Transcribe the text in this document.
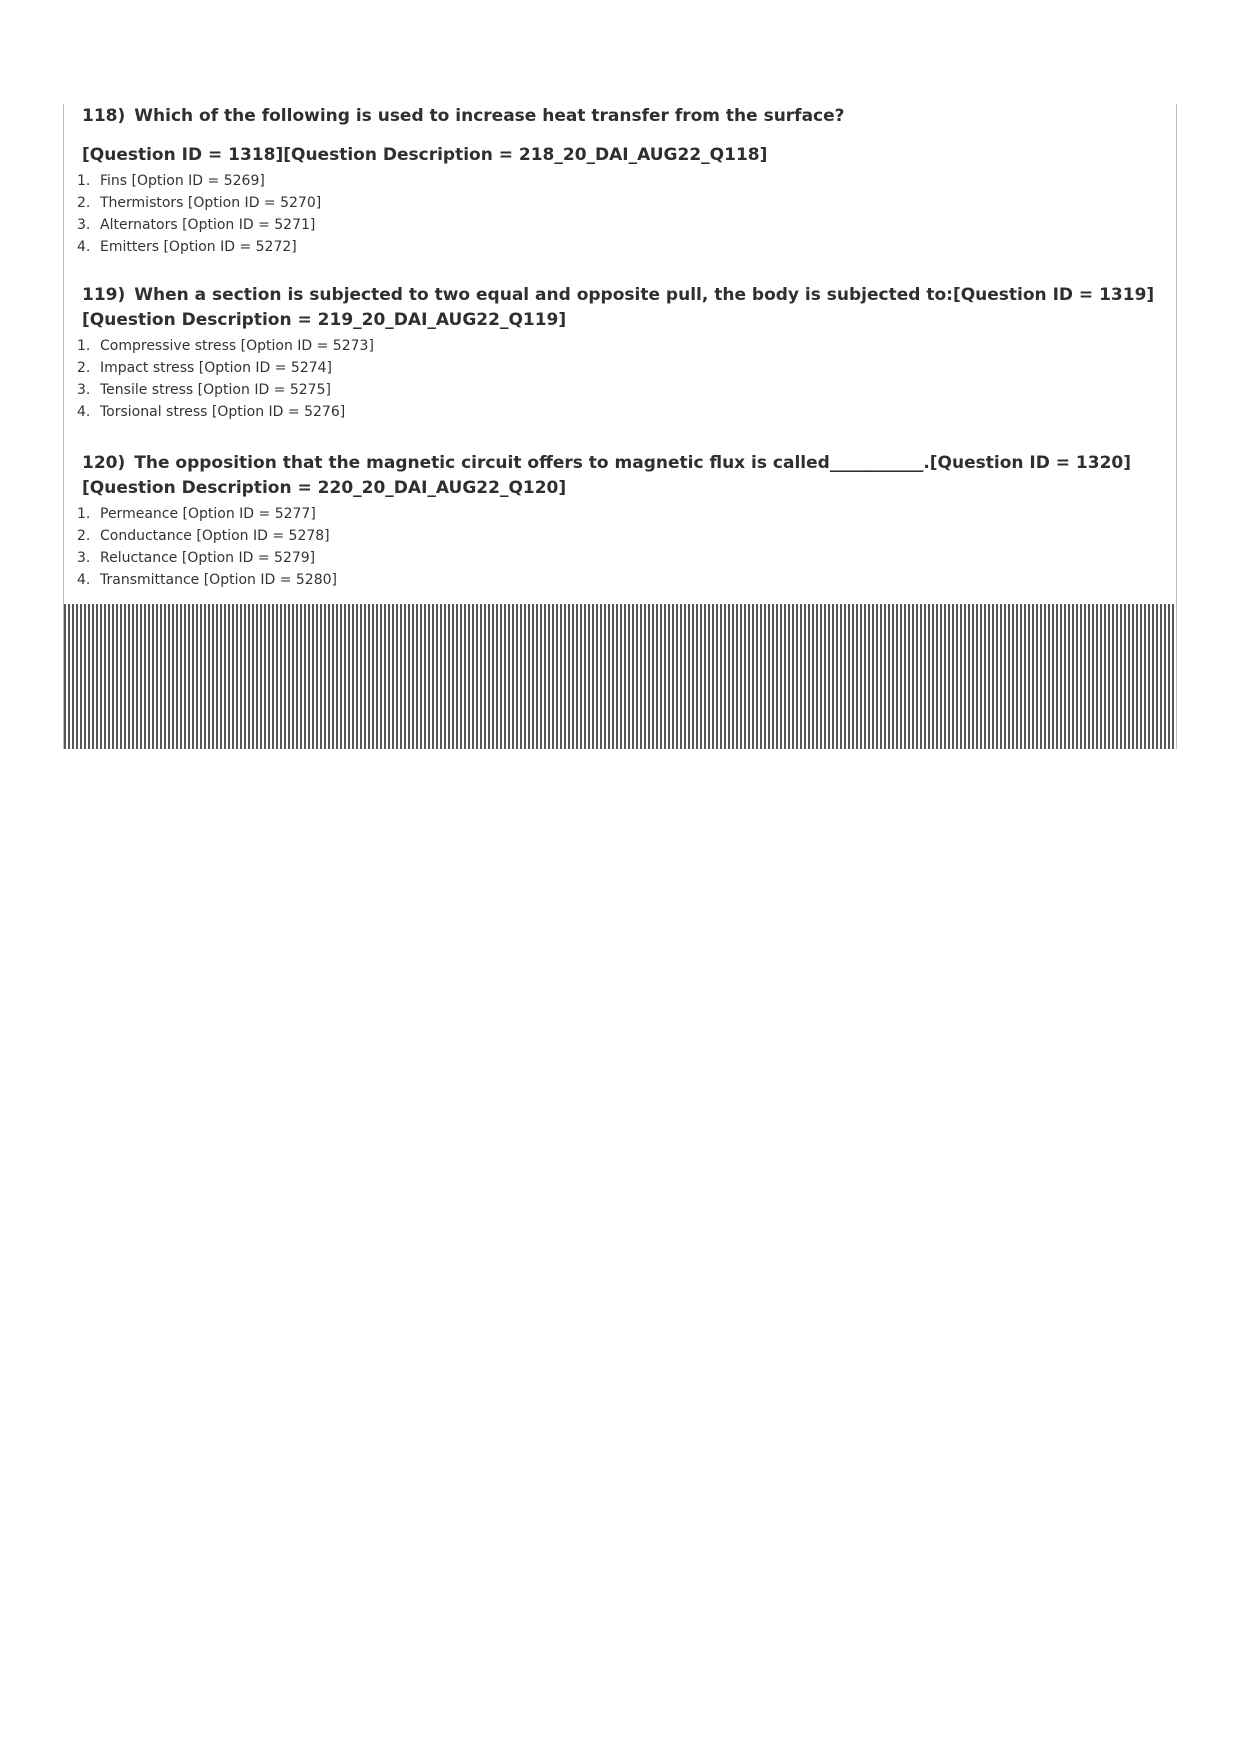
118) Which of the following is used to increase heat transfer from the surface?

[Question ID = 1318][Question Description = 218_20_DAI_AUG22_Q118]

1. Fins [Option ID = 5269]
2. Thermistors [Option ID = 5270]
3. Alternators [Option ID = 5271]
4. Emitters [Option ID = 5272]

119) When a section is subjected to two equal and opposite pull, the body is subjected to:[Question ID = 1319][Question Description = 219_20_DAI_AUG22_Q119]

1. Compressive stress [Option ID = 5273]
2. Impact stress [Option ID = 5274]
3. Tensile stress [Option ID = 5275]
4. Torsional stress [Option ID = 5276]

120) The opposition that the magnetic circuit offers to magnetic flux is called___________.[Question ID = 1320][Question Description = 220_20_DAI_AUG22_Q120]

1. Permeance [Option ID = 5277]
2. Conductance [Option ID = 5278]
3. Reluctance [Option ID = 5279]
4. Transmittance [Option ID = 5280]
